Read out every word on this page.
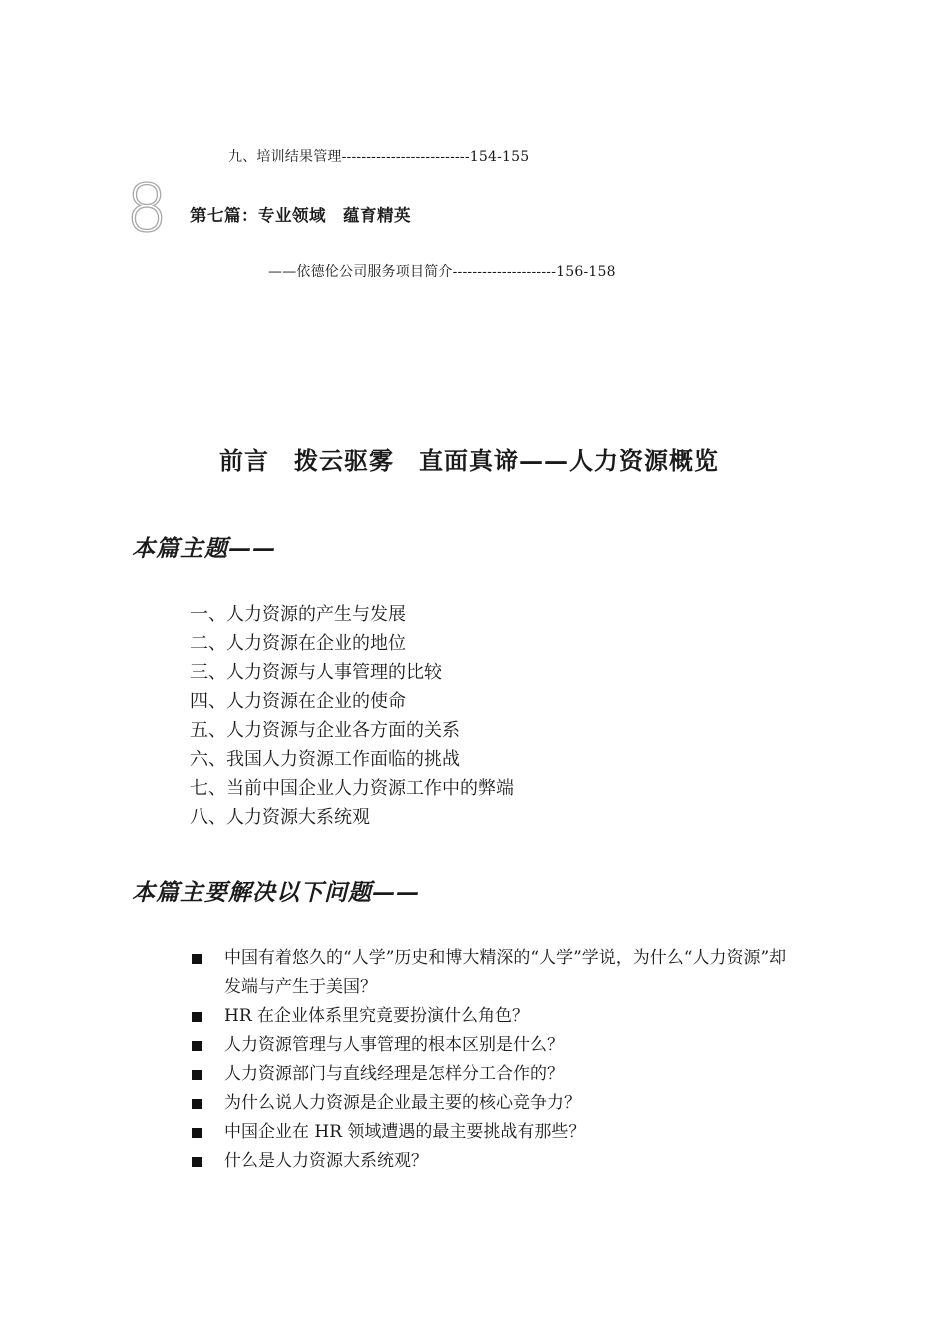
九、培训结果管理--------------------------154-155
8 第七篇：专业领域　蕴育精英
——依德伦公司服务项目简介---------------------156-158
前言　拨云驱雾　直面真谛——人力资源概览
本篇主题——
一、人力资源的产生与发展
二、人力资源在企业的地位
三、人力资源与人事管理的比较
四、人力资源在企业的使命
五、人力资源与企业各方面的关系
六、我国人力资源工作面临的挑战
七、当前中国企业人力资源工作中的弊端
八、人力资源大系统观
本篇主要解决以下问题——
中国有着悠久的“人学”历史和博大精深的“人学”学说，为什么“人力资源”却发端与产生于美国？
HR 在企业体系里究竟要扮演什么角色？
人力资源管理与人事管理的根本区别是什么？
人力资源部门与直线经理是怎样分工合作的？
为什么说人力资源是企业最主要的核心竞争力？
中国企业在 HR 领域遭遇的最主要挑战有那些？
什么是人力资源大系统观？
